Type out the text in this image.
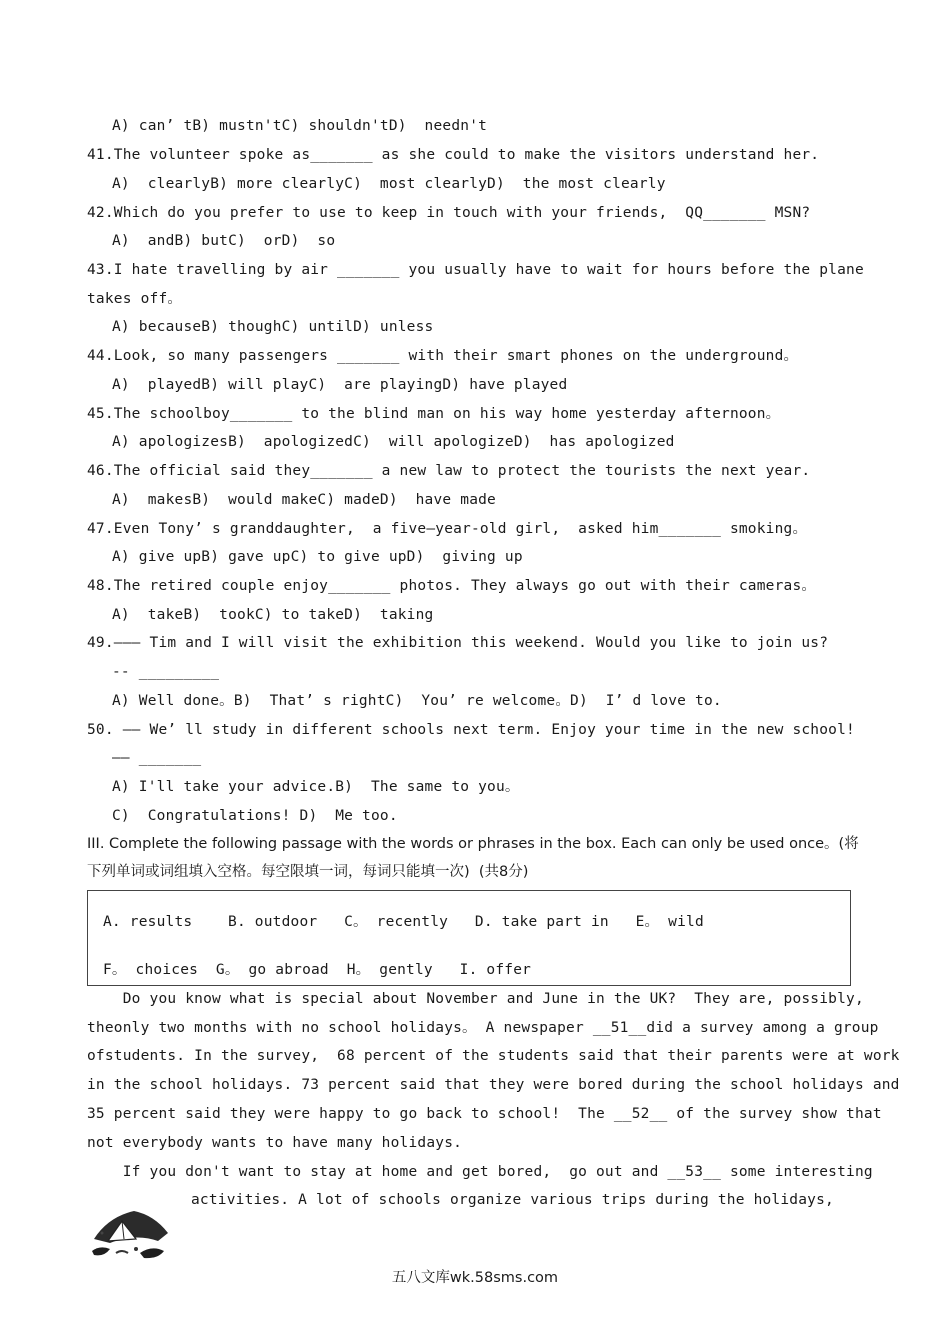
A) can’ tB) mustn'tC) shouldn'tD)  needn't
41.The volunteer spoke as_______ as she could to make the visitors understand her.
A)  clearlyB) more clearlyC)  most clearlyD)  the most clearly
42.Which do you prefer to use to keep in touch with your friends,  QQ_______ MSN?
A)  andB) butC)  orD)  so
43.I hate travelling by air _______ you usually have to wait for hours before the plane
takes off。
A) becauseB) thoughC) untilD) unless
44.Look, so many passengers _______ with their smart phones on the underground。
A)  playedB) will playC)  are playingD) have played
45.The schoolboy_______ to the blind man on his way home yesterday afternoon。
A) apologizesB)  apologizedC)  will apologizeD)  has apologized
46.The official said they_______ a new law to protect the tourists the next year.
A)  makesB)  would makeC) madeD)  have made
47.Even Tony’ s granddaughter,  a five—year-old girl,  asked him_______ smoking。
A) give upB) gave upC) to give upD)  giving up
48.The retired couple enjoy_______ photos. They always go out with their cameras。
A)  takeB)  tookC) to takeD)  taking
49.——— Tim and I will visit the exhibition this weekend. Would you like to join us?
-- _________
A) Well done。B)  That’ s rightC)  You’ re welcome。D)  I’ d love to.
50. —— We’ ll study in different schools next term. Enjoy your time in the new school!
—— _______
A) I'll take your advice.B)  The same to you。
C)  Congratulations! D)  Me too.
III. Complete the following passage with the words or phrases in the box. Each can only be used once。(将
下列单词或词组填入空格。每空限填一词，每词只能填一次)  (共8分)
A. results    B. outdoor   C。 recently   D. take part in   E。 wild
F。 choices  G。 go abroad  H。 gently   I. offer
Do you know what is special about November and June in the UK?  They are, possibly,
theonly two months with no school holidays。 A newspaper __51__did a survey among a group
ofstudents. In the survey,  68 percent of the students said that their parents were at work
in the school holidays. 73 percent said that they were bored during the school holidays and
35 percent said they were happy to go back to school!  The __52__ of the survey show that
not everybody wants to have many holidays.
If you don't want to stay at home and get bored,  go out and __53__ some interesting
activities. A lot of schools organize various trips during the holidays,
五八文库wk.58sms.com
